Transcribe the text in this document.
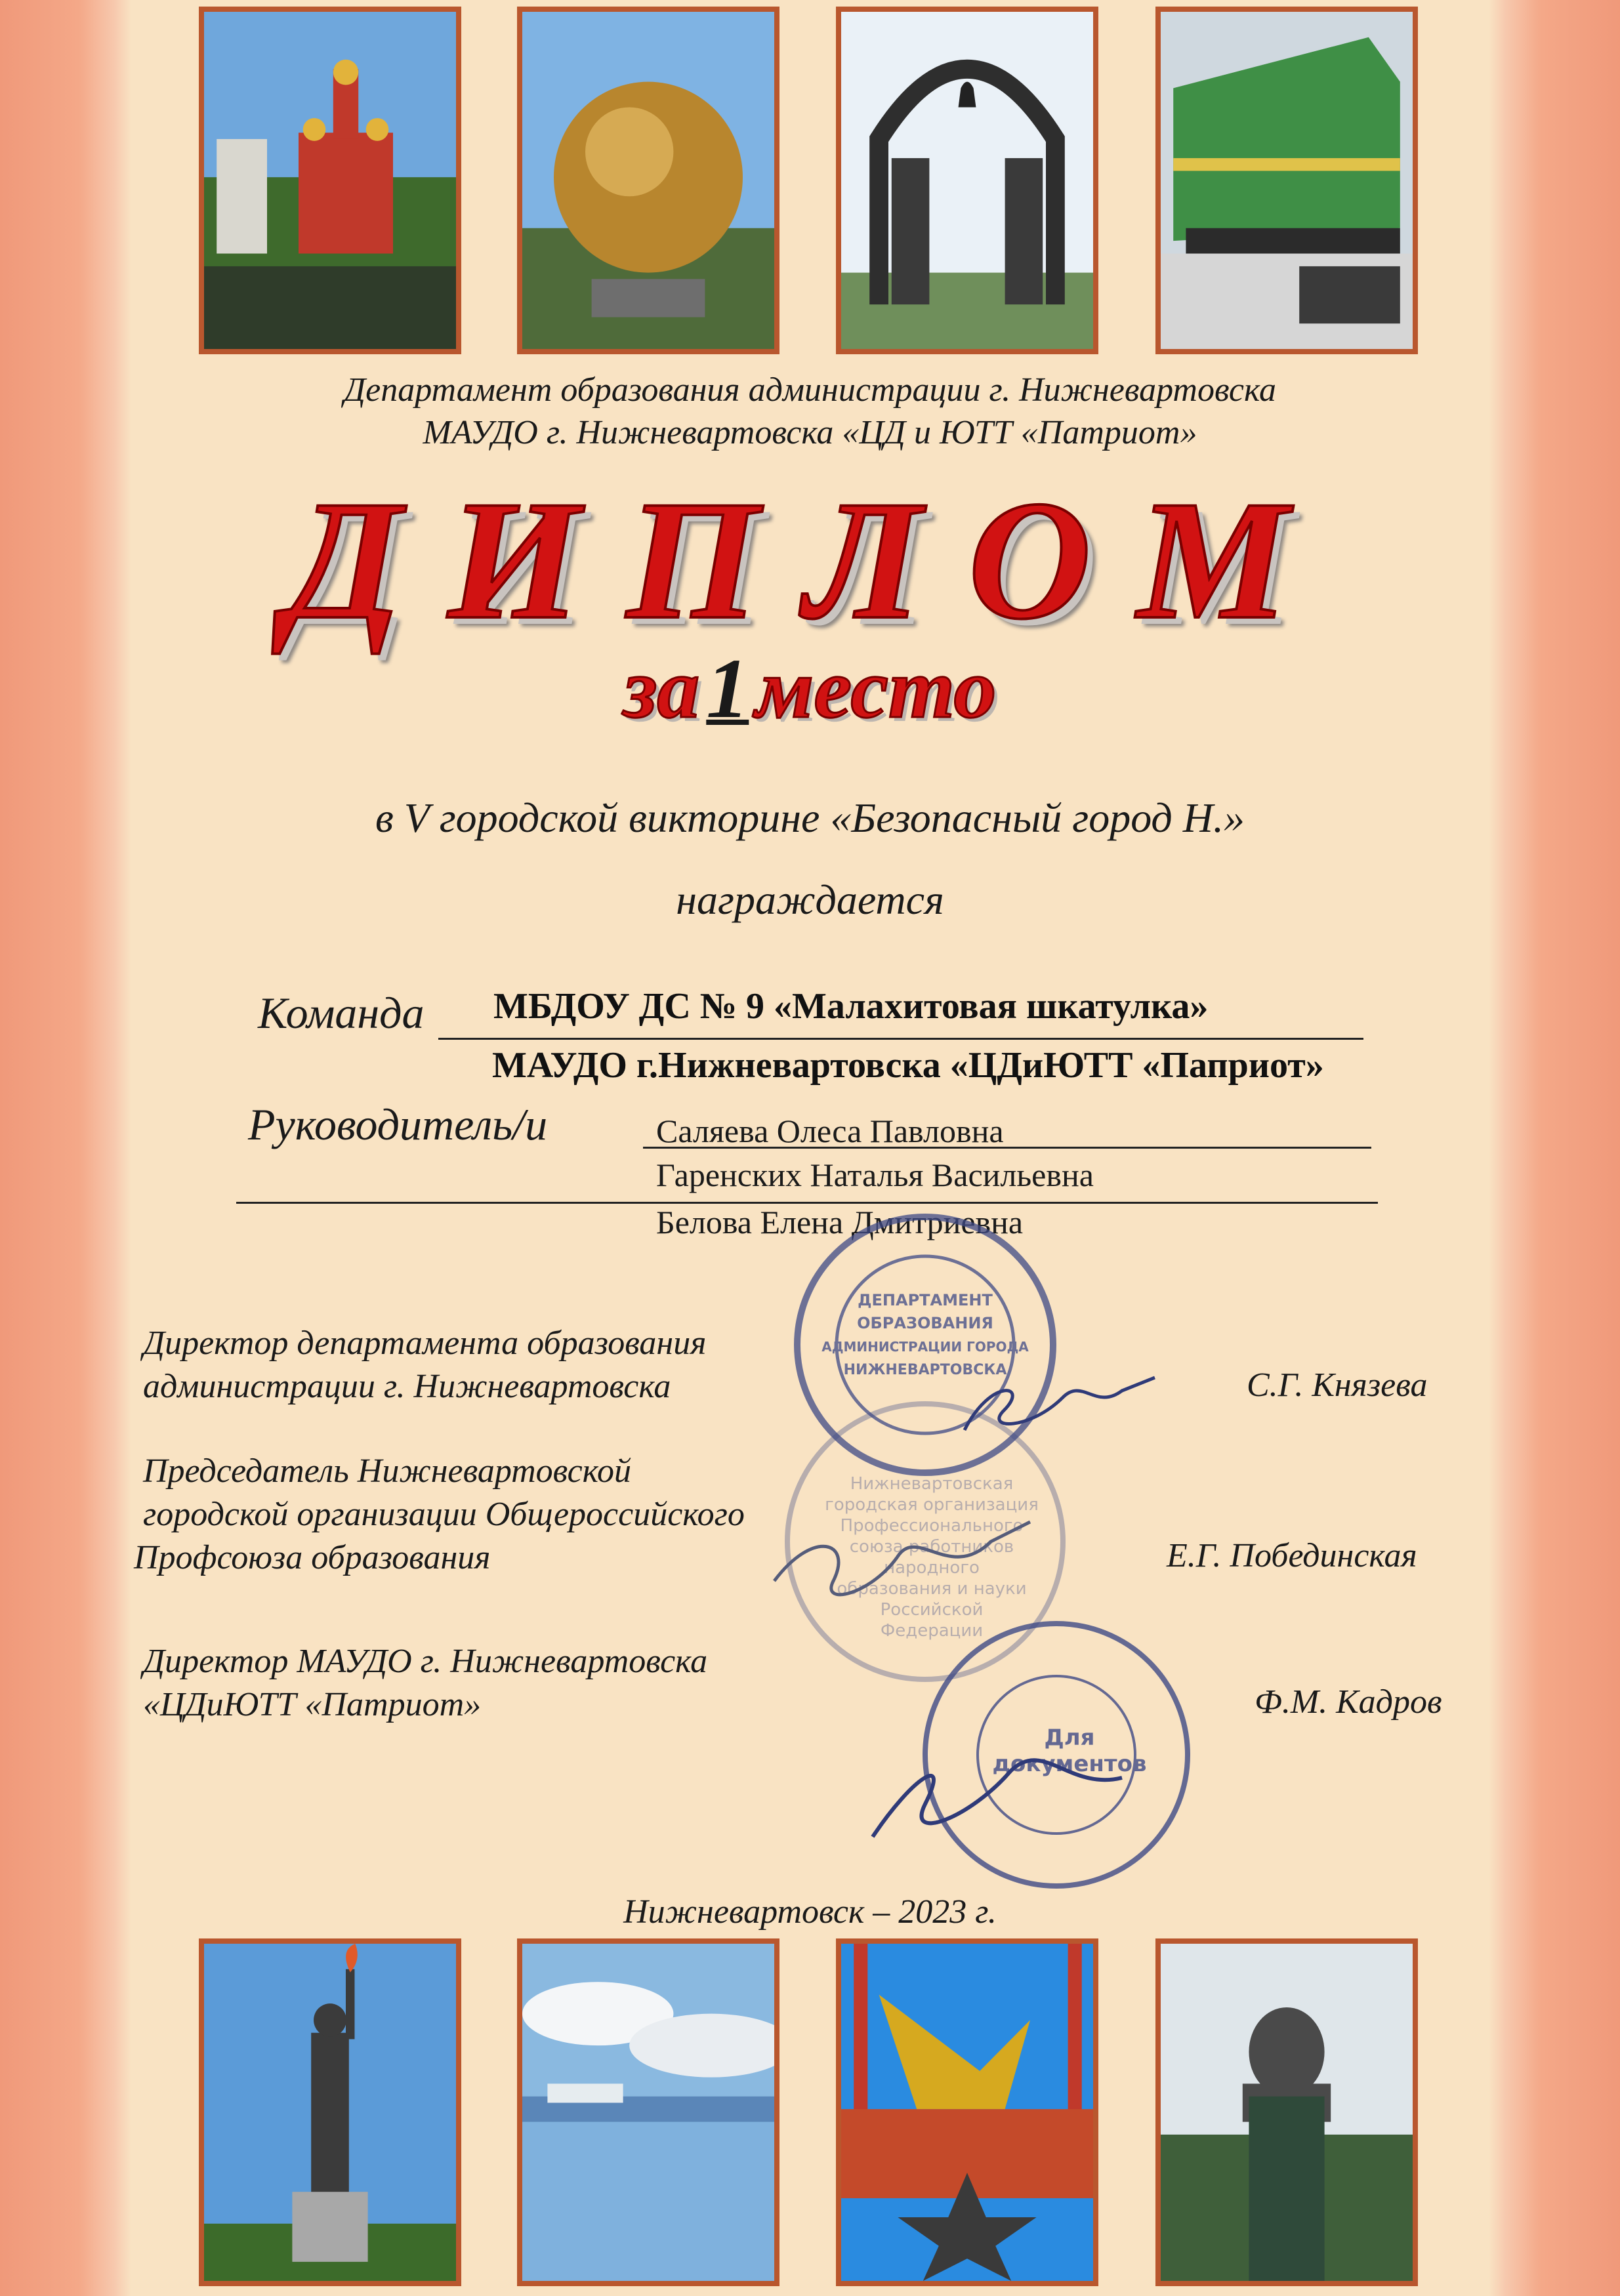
Департамент образования администрации г. Нижневартовска
МАУДО г. Нижневартовска «ЦД и ЮТТ «Патриот»
ДИПЛОМ
за1место
в V городской викторине «Безопасный город Н.»
награждается
Команда МБДОУ ДС № 9 «Малахитовая шкатулка»
МАУДО г.Нижневартовска «ЦДиЮТТ «Паприот»
Руководитель/и	Саляева Олеса Павловна
Гаренских Наталья Васильевна
Белова Елена Дмитриевна
ДЕПАРТАМЕНТ
ОБРАЗОВАНИЯ
АДМИНИСТРАЦИИ ГОРОДА
НИЖНЕВАРТОВСКА
Нижневартовская
городская организация
Профессионального
союза работников
народного
образования и науки
Российской
Федерации
Для
документов
Директор департамента образования
администрации г. Нижневартовска	С.Г. Князева
Председатель Нижневартовской
городской организации Общероссийского
Профсоюза образования	Е.Г. Побединская
Директор МАУДО г. Нижневартовска
«ЦДиЮТТ «Патриот»	Ф.М. Кадров
Нижневартовск – 2023 г.
